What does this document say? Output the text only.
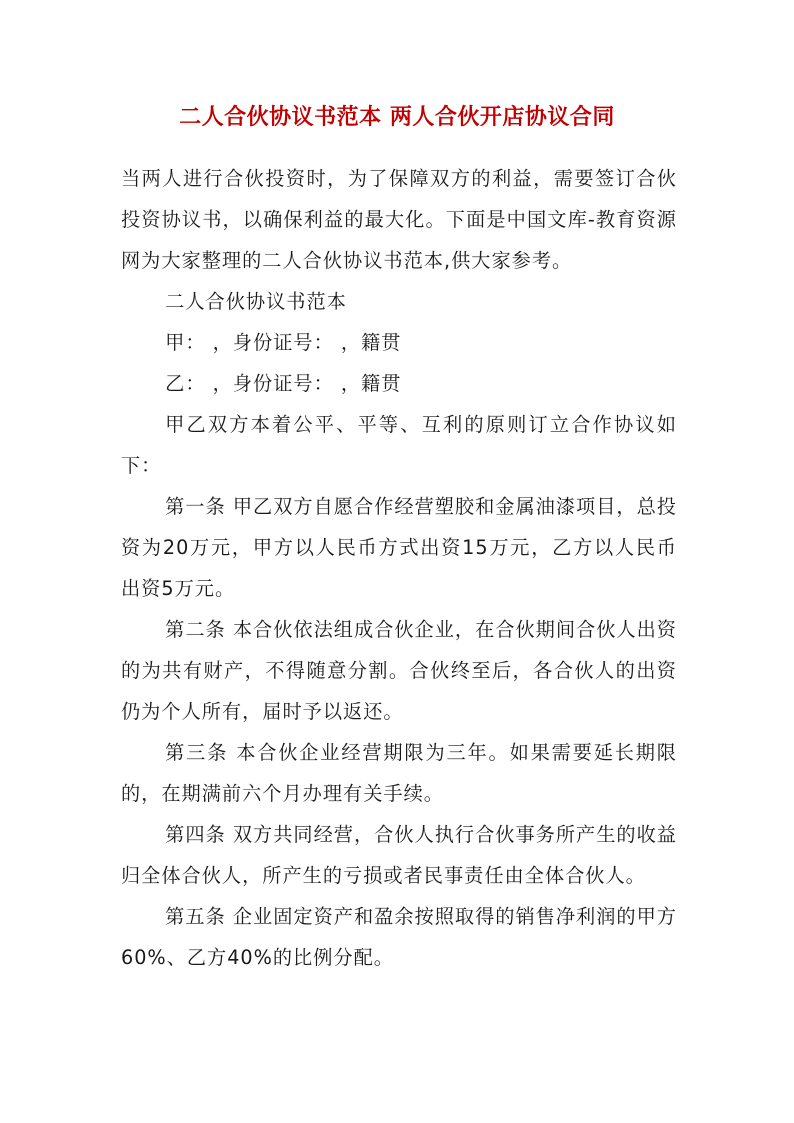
二人合伙协议书范本 两人合伙开店协议合同

当两人进行合伙投资时，为了保障双方的利益，需要签订合伙投资协议书，以确保利益的最大化。下面是中国文库-教育资源网为大家整理的二人合伙协议书范本,供大家参考。

二人合伙协议书范本

甲： ，身份证号： ，籍贯

乙： ，身份证号： ，籍贯

甲乙双方本着公平、平等、互利的原则订立合作协议如下：

第一条 甲乙双方自愿合作经营塑胶和金属油漆项目，总投资为20万元，甲方以人民币方式出资15万元，乙方以人民币出资5万元。

第二条 本合伙依法组成合伙企业，在合伙期间合伙人出资的为共有财产，不得随意分割。合伙终至后，各合伙人的出资仍为个人所有，届时予以返还。

第三条 本合伙企业经营期限为三年。如果需要延长期限的，在期满前六个月办理有关手续。

第四条 双方共同经营，合伙人执行合伙事务所产生的收益归全体合伙人，所产生的亏损或者民事责任由全体合伙人。

第五条 企业固定资产和盈余按照取得的销售净利润的甲方60%、乙方40%的比例分配。
